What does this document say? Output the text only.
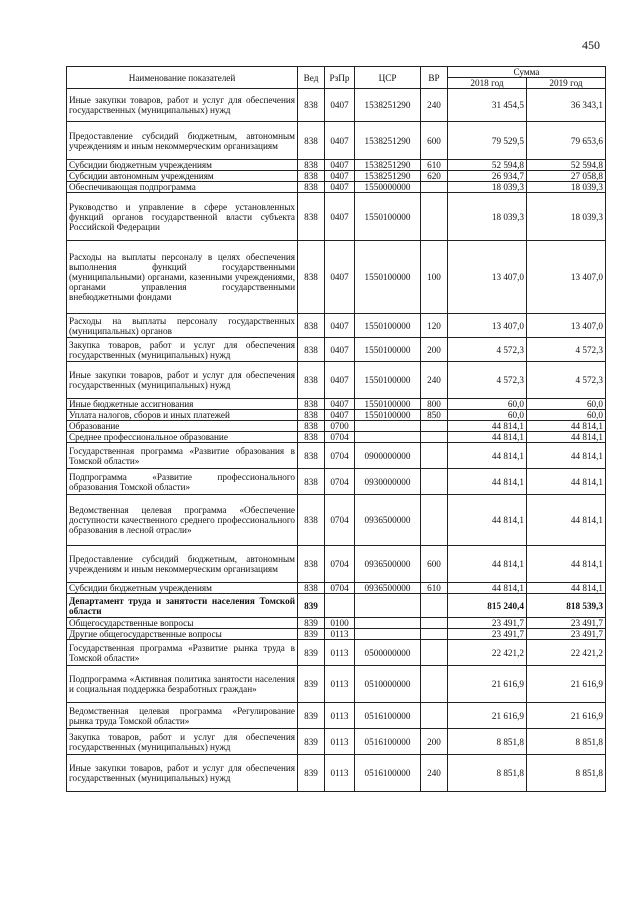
450
Наименование показателей	Вед	РзПр	ЦСР	ВР	Сумма	
					2018 год	2019 год
Иные закупки товаров, работ и услуг для обеспечения государственных (муниципальных) нужд	838	0407	1538251290	240	31 454,5	36 343,1
Предоставление субсидий бюджетным, автономным учреждениям и иным некоммерческим организациям	838	0407	1538251290	600	79 529,5	79 653,6
Субсидии бюджетным учреждениям	838	0407	1538251290	610	52 594,8	52 594,8
Субсидии автономным учреждениям	838	0407	1538251290	620	26 934,7	27 058,8
Обеспечивающая подпрограмма	838	0407	1550000000		18 039,3	18 039,3
Руководство и управление в сфере установленных функций органов государственной власти субъекта Российской Федерации	838	0407	1550100000		18 039,3	18 039,3
Расходы на выплаты персоналу в целях обеспечения выполнения функций государственными (муниципальными) органами, казенными учреждениями, органами управления государственными внебюджетными фондами	838	0407	1550100000	100	13 407,0	13 407,0
Расходы на выплаты персоналу государственных (муниципальных) органов	838	0407	1550100000	120	13 407,0	13 407,0
Закупка товаров, работ и услуг для обеспечения государственных (муниципальных) нужд	838	0407	1550100000	200	4 572,3	4 572,3
Иные закупки товаров, работ и услуг для обеспечения государственных (муниципальных) нужд	838	0407	1550100000	240	4 572,3	4 572,3
Иные бюджетные ассигнования	838	0407	1550100000	800	60,0	60,0
Уплата налогов, сборов и иных платежей	838	0407	1550100000	850	60,0	60,0
Образование	838	0700			44 814,1	44 814,1
Среднее профессиональное образование	838	0704			44 814,1	44 814,1
Государственная программа «Развитие образования в Томской области»	838	0704	0900000000		44 814,1	44 814,1
Подпрограмма «Развитие профессионального образования Томской области»	838	0704	0930000000		44 814,1	44 814,1
Ведомственная целевая программа «Обеспечение доступности качественного среднего профессионального образования в лесной отрасли»	838	0704	0936500000		44 814,1	44 814,1
Предоставление субсидий бюджетным, автономным учреждениям и иным некоммерческим организациям	838	0704	0936500000	600	44 814,1	44 814,1
Субсидии бюджетным учреждениям	838	0704	0936500000	610	44 814,1	44 814,1
Департамент труда и занятости населения Томской области	839				815 240,4	818 539,3
Общегосударственные вопросы	839	0100			23 491,7	23 491,7
Другие общегосударственные вопросы	839	0113			23 491,7	23 491,7
Государственная программа «Развитие рынка труда в Томской области»	839	0113	0500000000		22 421,2	22 421,2
Подпрограмма «Активная политика занятости населения и социальная поддержка безработных граждан»	839	0113	0510000000		21 616,9	21 616,9
Ведомственная целевая программа «Регулирование рынка труда Томской области»	839	0113	0516100000		21 616,9	21 616,9
Закупка товаров, работ и услуг для обеспечения государственных (муниципальных) нужд	839	0113	0516100000	200	8 851,8	8 851,8
Иные закупки товаров, работ и услуг для обеспечения государственных (муниципальных) нужд	839	0113	0516100000	240	8 851,8	8 851,8
